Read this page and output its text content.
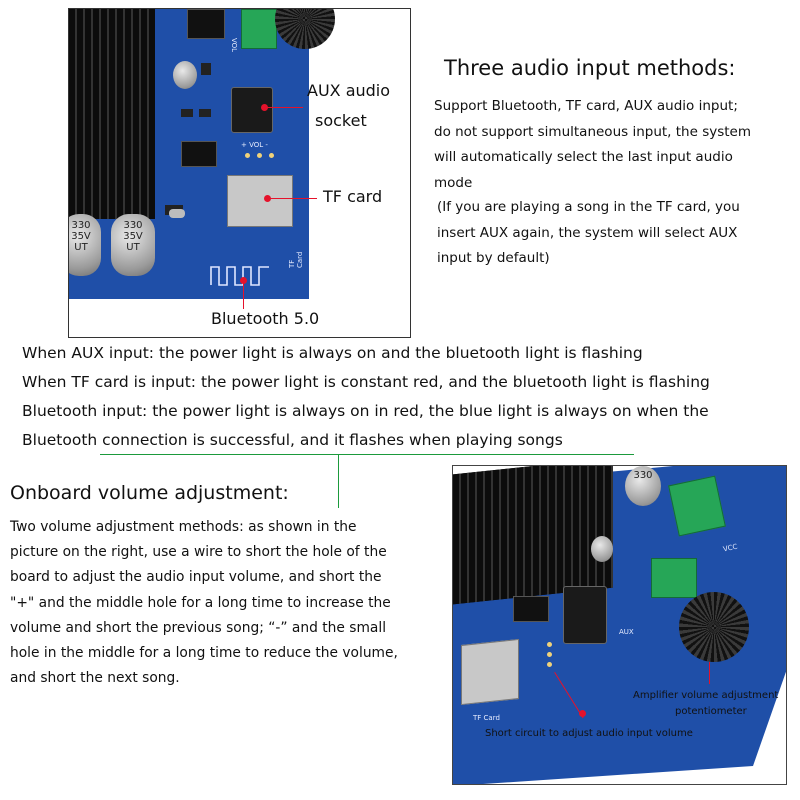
330
35V
UT
330
35V
UT
VOL
+ VOL -
TF Card
AUX audio
socket
TF card
Bluetooth 5.0
Three audio input methods:
Support Bluetooth, TF card, AUX audio input;
do not support simultaneous input, the system
will automatically select the last input audio
mode
(If you are playing a song in the TF card, you
insert AUX again, the system will select AUX
input by default)
When AUX input: the power light is always on and the bluetooth light is flashing
When TF card is input: the power light is constant red, and the bluetooth light is flashing
Bluetooth input: the power light is always on in red, the blue light is always on when the
Bluetooth connection is successful, and it flashes when playing songs
Onboard volume adjustment:
Two volume adjustment methods: as shown in the
picture on the right, use a wire to short the hole of the
board to adjust the audio input volume, and short the
"+" and the middle hole for a long time to increase the
volume and short the previous song; “-” and the small
hole in the middle for a long time to reduce the volume,
and short the next song.
330
VCC
AUX
TF Card
Amplifier volume adjustment
potentiometer
Short circuit to adjust audio input volume
